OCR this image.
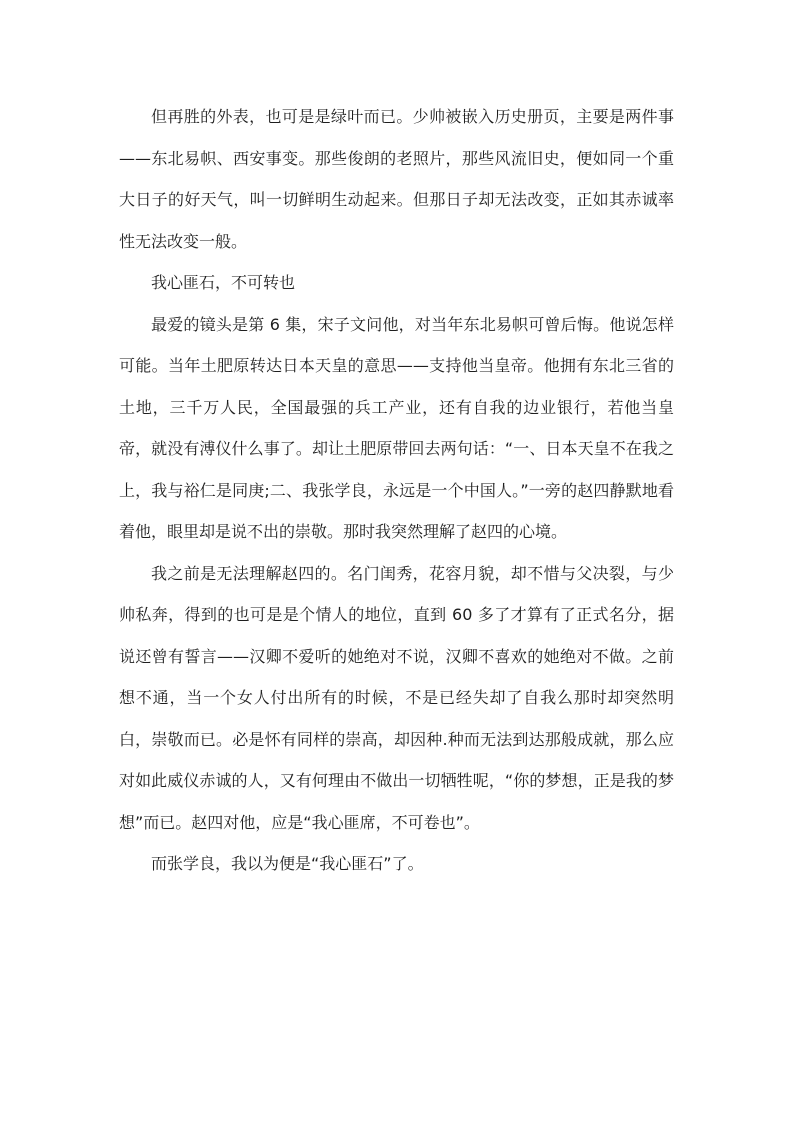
但再胜的外表，也可是是绿叶而已。少帅被嵌入历史册页，主要是两件事——东北易帜、西安事变。那些俊朗的老照片，那些风流旧史，便如同一个重大日子的好天气，叫一切鲜明生动起来。但那日子却无法改变，正如其赤诚率性无法改变一般。

我心匪石，不可转也

最爱的镜头是第 6 集，宋子文问他，对当年东北易帜可曾后悔。他说怎样可能。当年土肥原转达日本天皇的意思——支持他当皇帝。他拥有东北三省的土地，三千万人民，全国最强的兵工产业，还有自我的边业银行，若他当皇帝，就没有溥仪什么事了。却让土肥原带回去两句话：“一、日本天皇不在我之上，我与裕仁是同庚;二、我张学良，永远是一个中国人。”一旁的赵四静默地看着他，眼里却是说不出的崇敬。那时我突然理解了赵四的心境。

我之前是无法理解赵四的。名门闺秀，花容月貌，却不惜与父决裂，与少帅私奔，得到的也可是是个情人的地位，直到 60 多了才算有了正式名分，据说还曾有誓言——汉卿不爱听的她绝对不说，汉卿不喜欢的她绝对不做。之前想不通，当一个女人付出所有的时候，不是已经失却了自我么那时却突然明白，崇敬而已。必是怀有同样的崇高，却因种.种而无法到达那般成就，那么应对如此威仪赤诚的人，又有何理由不做出一切牺牲呢，“你的梦想，正是我的梦想”而已。赵四对他，应是“我心匪席，不可卷也”。

而张学良，我以为便是“我心匪石”了。
